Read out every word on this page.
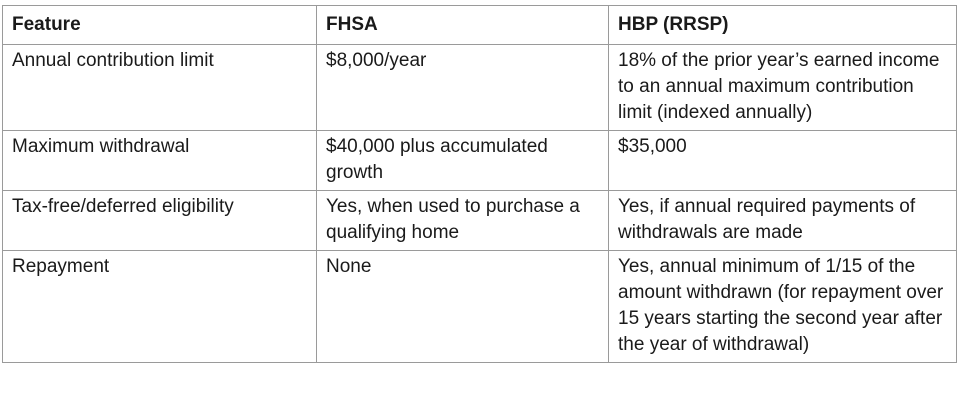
Feature	FHSA	HBP (RRSP)
Annual contribution limit	$8,000/year	18% of the prior year’s earned income to an annual maximum contribution limit (indexed annually)
Maximum withdrawal	$40,000 plus accumulated growth	$35,000
Tax-free/deferred eligibility	Yes, when used to purchase a qualifying home	Yes, if annual required payments of withdrawals are made
Repayment	None	Yes, annual minimum of 1/15 of the amount withdrawn (for repayment over 15 years starting the second year after the year of withdrawal)
